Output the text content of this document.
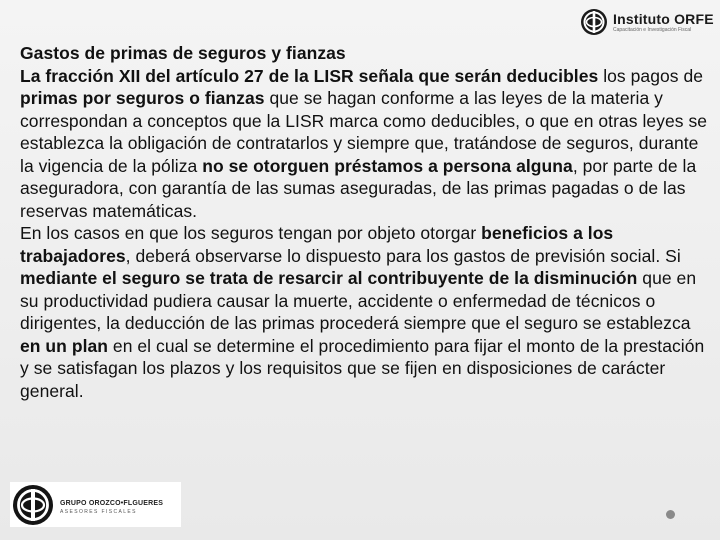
Instituto ORFE
Capacitación e Investigación Fiscal

Gastos de primas de seguros y fianzas

La fracción XII del artículo 27 de la LISR señala que serán deducibles los pagos de primas por seguros o fianzas que se hagan conforme a las leyes de la materia y correspondan a conceptos que la LISR marca como deducibles, o que en otras leyes se establezca la obligación de contratarlos y siempre que, tratándose de seguros, durante la vigencia de la póliza no se otorguen préstamos a persona alguna, por parte de la aseguradora, con garantía de las sumas aseguradas, de las primas pagadas o de las reservas matemáticas.

En los casos en que los seguros tengan por objeto otorgar beneficios a los trabajadores, deberá observarse lo dispuesto para los gastos de previsión social. Si mediante el seguro se trata de resarcir al contribuyente de la disminución que en su productividad pudiera causar la muerte, accidente o enfermedad de técnicos o dirigentes, la deducción de las primas procederá siempre que el seguro se establezca en un plan en el cual se determine el procedimiento para fijar el monto de la prestación y se satisfagan los plazos y los requisitos que se fijen en disposiciones de carácter general.

GRUPO OROZCO•FLGUERES
ASESORES FISCALES
